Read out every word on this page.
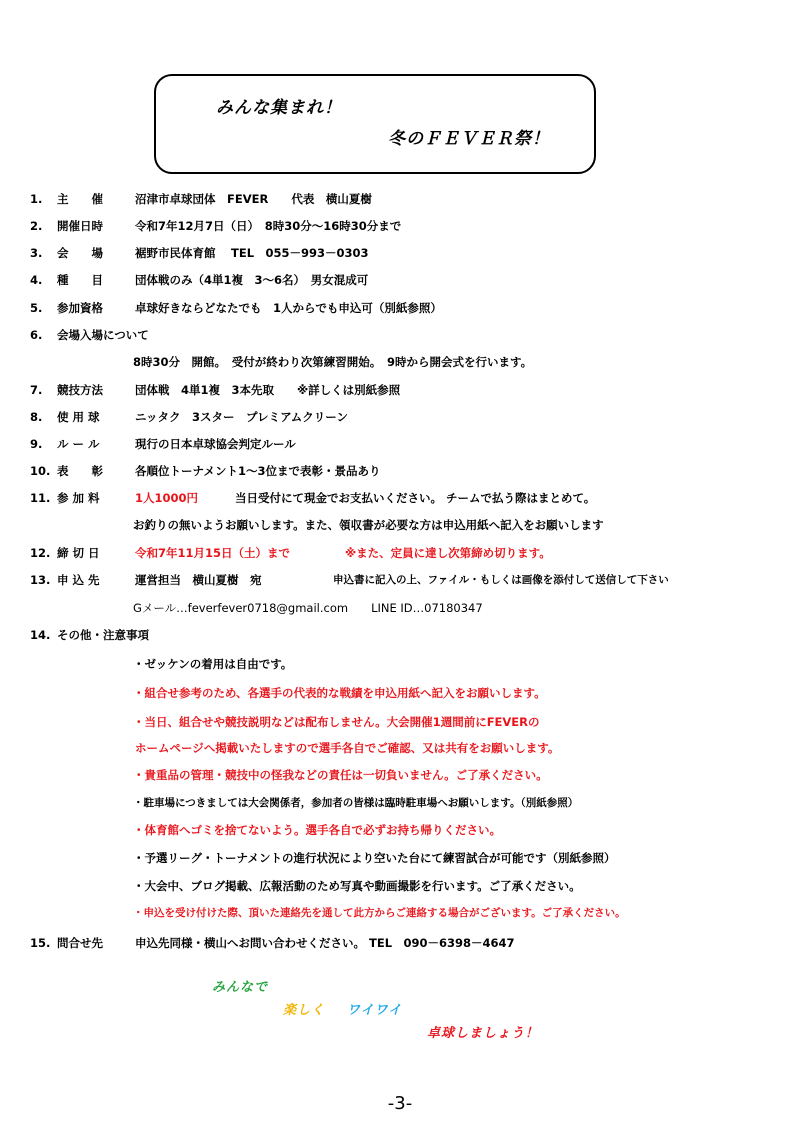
みんな集まれ！
冬のＦＥＶＥＲ祭！
1.	主　　催	沼津市卓球団体　FEVER　　代表　横山夏樹
2.	開催日時	令和7年12月7日（日）　8時30分～16時30分まで
3.	会　　場	裾野市民体育館　 TEL　055－993－0303
4.	種　　目	団体戦のみ（4単1複　3～6名）　男女混成可
5.	参加資格	卓球好きならどなたでも　1人からでも申込可（別紙参照）
6.	会場入場について
8時30分　開館。　受付が終わり次第練習開始。　9時から開会式を行います。
7.	競技方法	団体戦　4単1複　3本先取　　※詳しくは別紙参照
8.	使 用 球	ニッタク　3スター　プレミアムクリーン
9.	ル ー ル	現行の日本卓球協会判定ルール
10. 表　　彰	各順位トーナメント1～3位まで表彰・景品あり
11. 参 加 料	1人1000円	当日受付にて現金でお支払いください。 チームで払う際はまとめて。
お釣りの無いようお願いします。また、領収書が必要な方は申込用紙へ記入をお願いします
12. 締 切 日	令和7年11月15日（土）まで	※また、定員に達し次第締め切ります。
13. 申 込 先	運営担当　横山夏樹　宛	申込書に記入の上、ファイル・もしくは画像を添付して送信して下さい
Gメール…feverfever0718@gmail.com　　LINE ID…07180347
14. その他・注意事項
・ゼッケンの着用は自由です。
・組合せ参考のため、各選手の代表的な戦績を申込用紙へ記入をお願いします。
・当日、組合せや競技説明などは配布しません。大会開催1週間前にFEVERの
ホームページへ掲載いたしますので選手各自でご確認、又は共有をお願いします。
・貴重品の管理・競技中の怪我などの責任は一切負いません。ご了承ください。
・駐車場につきましては大会関係者，参加者の皆様は臨時駐車場へお願いします。（別紙参照）
・体育館へゴミを捨てないよう。選手各自で必ずお持ち帰りください。
・予選リーグ・トーナメントの進行状況により空いた台にて練習試合が可能です（別紙参照）
・大会中、ブログ掲載、広報活動のため写真や動画撮影を行います。ご了承ください。
・申込を受け付けた際、頂いた連絡先を通して此方からご連絡する場合がございます。ご了承ください。
15. 問合せ先	申込先同様・横山へお問い合わせください。 TEL　090－6398－4647
みんなで
楽しく ワイワイ
卓球しましょう！
-3-
